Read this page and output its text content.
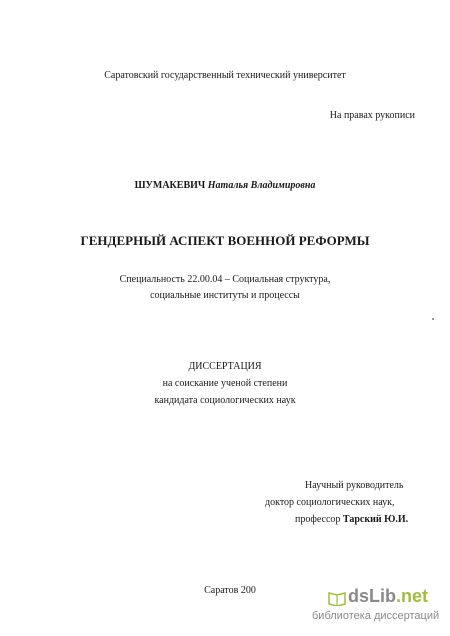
Саратовский государственный технический университет
На правах рукописи
ШУМАКЕВИЧ Наталья Владимировна
ГЕНДЕРНЫЙ АСПЕКТ ВОЕННОЙ РЕФОРМЫ
Специальность 22.00.04 – Социальная структура,
социальные институты и процессы
ДИССЕРТАЦИЯ
на соискание ученой степени
кандидата социологических наук
Научный руководитель
доктор социологических наук,
профессор Тарский Ю.И.
Саратов 200	dsLib.net
библиотека диссертаций
